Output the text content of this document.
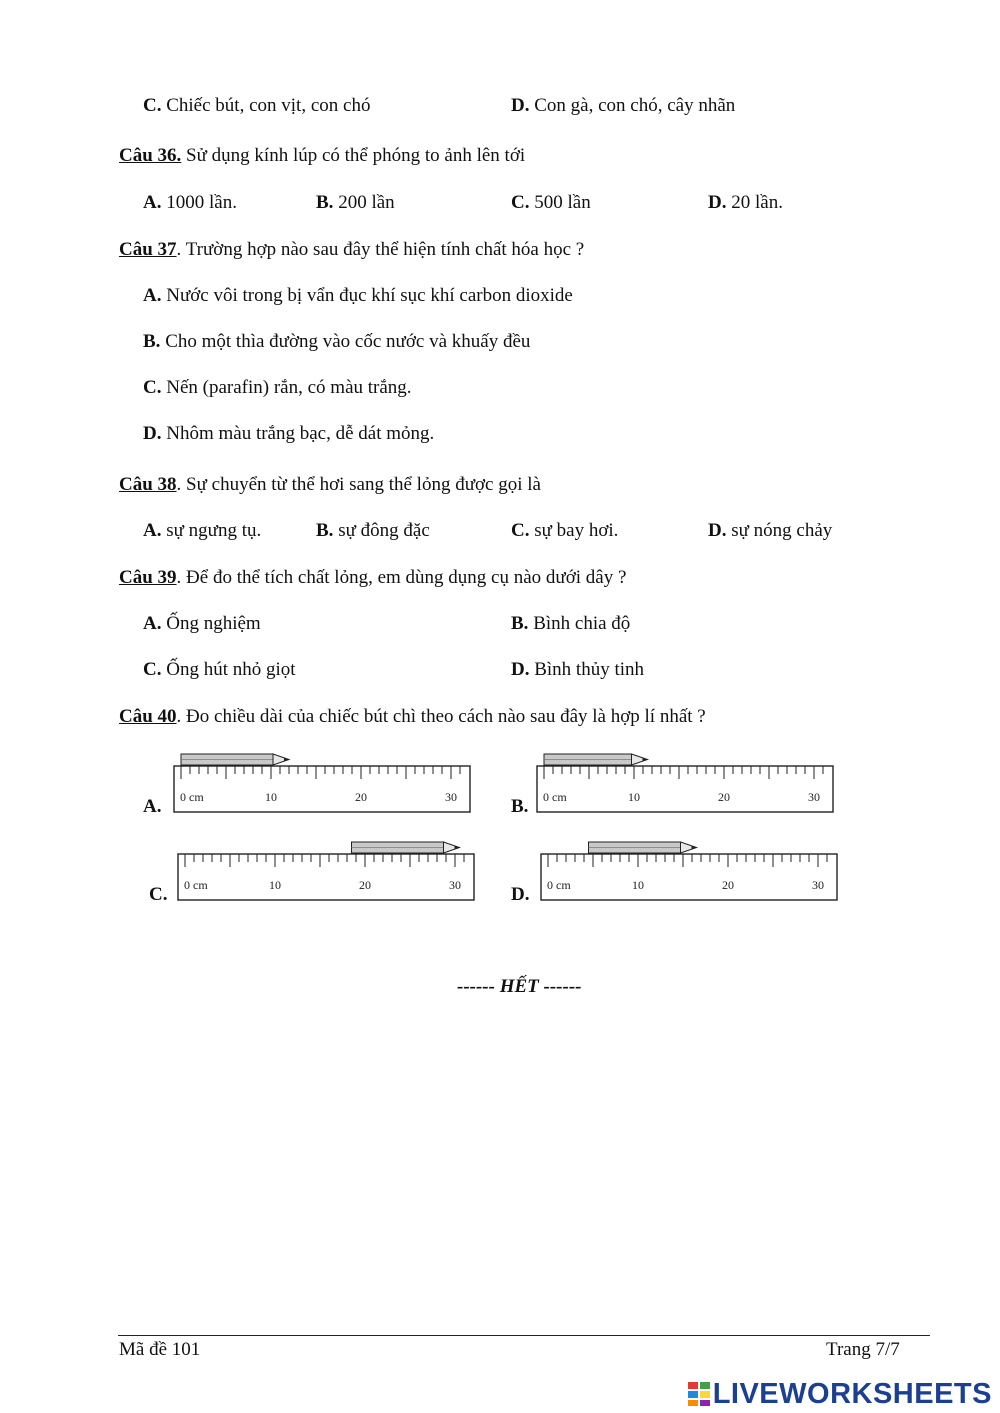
C. Chiếc bút, con vịt, con chó	D. Con gà, con chó, cây nhãn
Câu 36. Sử dụng kính lúp có thể phóng to ảnh lên tới
A. 1000 lần.	B. 200 lần	C. 500 lần	D. 20 lần.
Câu 37. Trường hợp nào sau đây thể hiện tính chất hóa học ?
A. Nước vôi trong bị vẩn đục khí sục khí carbon dioxide
B. Cho một thìa đường vào cốc nước và khuấy đều
C. Nến (parafin) rắn, có màu trắng.
D. Nhôm màu trắng bạc, dễ dát mỏng.
Câu 38. Sự chuyển từ thể hơi sang thể lỏng được gọi là
A. sự ngưng tụ.	B. sự đông đặc	C. sự bay hơi.	D. sự nóng chảy
Câu 39. Để đo thể tích chất lỏng, em dùng dụng cụ nào dưới dây ?
A. Ống nghiệm	B. Bình chia độ
C. Ống hút nhỏ giọt	D. Bình thủy tinh
Câu 40. Đo chiều dài của chiếc bút chì theo cách nào sau đây là hợp lí nhất ?
A. 0 cm	10	20	30	B. 0 cm	10	20	30
C. 0 cm	10	20	30	D. 0 cm	10	20	30
------ HẾT ------
Mã đề 101	Trang 7/7
LIVEWORKSHEETS
